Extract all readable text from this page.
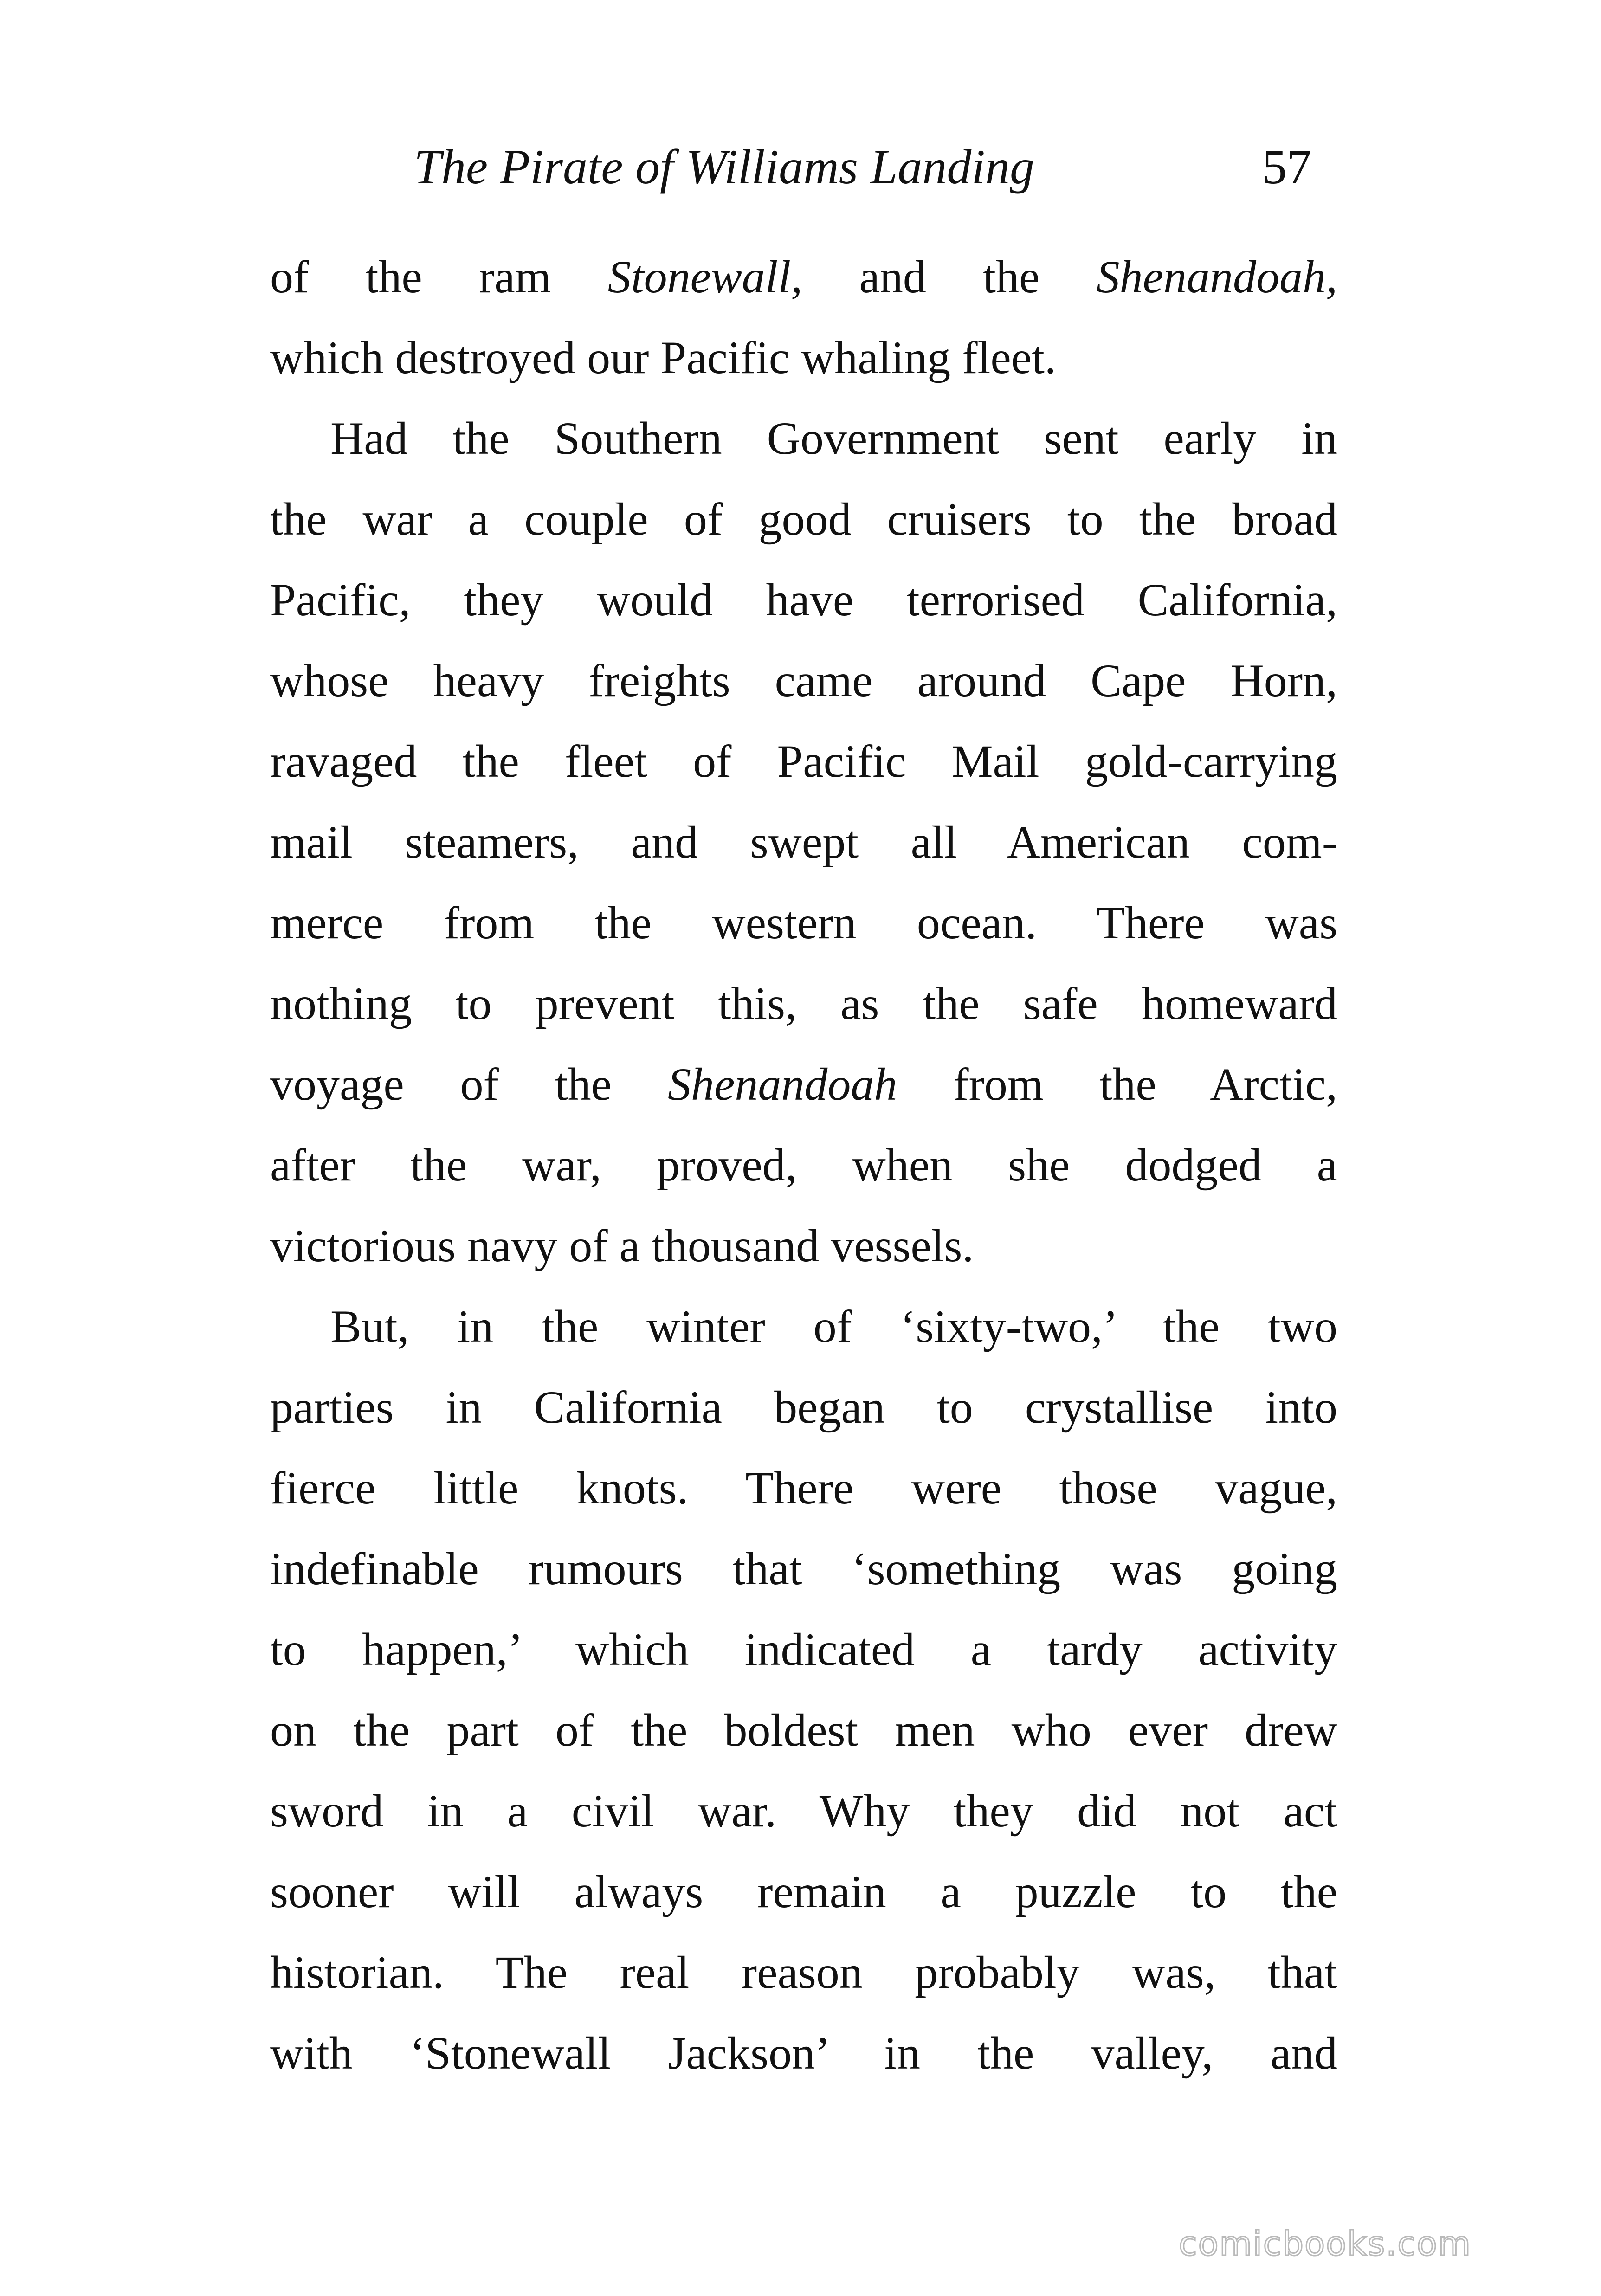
The Pirate of Williams Landing	57
of the ram Stonewall, and the Shenandoah,
which destroyed our Pacific whaling fleet.
Had the Southern Government sent early in
the war a couple of good cruisers to the broad
Pacific, they would have terrorised California,
whose heavy freights came around Cape Horn,
ravaged the fleet of Pacific Mail gold-carrying
mail steamers, and swept all American com-
merce from the western ocean. There was
nothing to prevent this, as the safe homeward
voyage of the Shenandoah from the Arctic,
after the war, proved, when she dodged a
victorious navy of a thousand vessels.
But, in the winter of ‘sixty-two,’ the two
parties in California began to crystallise into
fierce little knots. There were those vague,
indefinable rumours that ‘something was going
to happen,’ which indicated a tardy activity
on the part of the boldest men who ever drew
sword in a civil war. Why they did not act
sooner will always remain a puzzle to the
historian. The real reason probably was, that
with ‘Stonewall Jackson’ in the valley, and
comicbooks.com
